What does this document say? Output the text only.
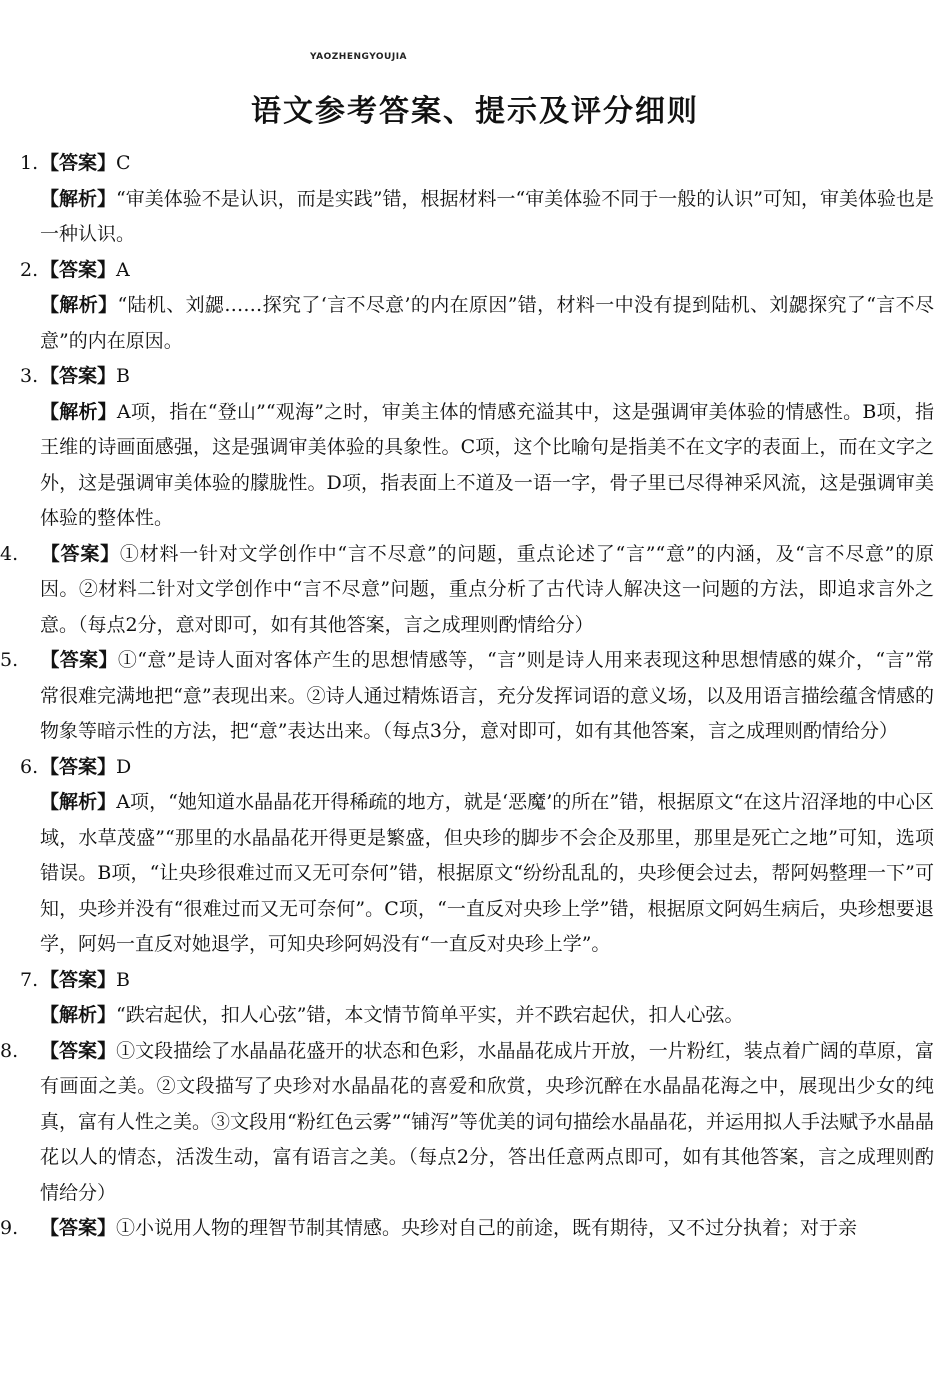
YAOZHENGYOUJIA
语文参考答案、提示及评分细则

1.【答案】C

【解析】“审美体验不是认识，而是实践”错，根据材料一“审美体验不同于一般的认识”可知，审美体验也是一种认识。

2.【答案】A

【解析】“陆机、刘勰……探究了‘言不尽意’的内在原因”错，材料一中没有提到陆机、刘勰探究了“言不尽意”的内在原因。

3.【答案】B

【解析】A项，指在“登山”“观海”之时，审美主体的情感充溢其中，这是强调审美体验的情感性。B项，指王维的诗画面感强，这是强调审美体验的具象性。C项，这个比喻句是指美不在文字的表面上，而在文字之外，这是强调审美体验的朦胧性。D项，指表面上不道及一语一字，骨子里已尽得神采风流，这是强调审美体验的整体性。

4. 【答案】①材料一针对文学创作中“言不尽意”的问题，重点论述了“言”“意”的内涵，及“言不尽意”的原因。②材料二针对文学创作中“言不尽意”问题，重点分析了古代诗人解决这一问题的方法，即追求言外之意。（每点2分，意对即可，如有其他答案，言之成理则酌情给分）

5. 【答案】①“意”是诗人面对客体产生的思想情感等，“言”则是诗人用来表现这种思想情感的媒介，“言”常常很难完满地把“意”表现出来。②诗人通过精炼语言，充分发挥词语的意义场，以及用语言描绘蕴含情感的物象等暗示性的方法，把“意”表达出来。（每点3分，意对即可，如有其他答案，言之成理则酌情给分）

6.【答案】D

【解析】A项，“她知道水晶晶花开得稀疏的地方，就是‘恶魔’的所在”错，根据原文“在这片沼泽地的中心区域，水草茂盛”“那里的水晶晶花开得更是繁盛，但央珍的脚步不会企及那里，那里是死亡之地”可知，选项错误。B项，“让央珍很难过而又无可奈何”错，根据原文“纷纷乱乱的，央珍便会过去，帮阿妈整理一下”可知，央珍并没有“很难过而又无可奈何”。C项，“一直反对央珍上学”错，根据原文阿妈生病后，央珍想要退学，阿妈一直反对她退学，可知央珍阿妈没有“一直反对央珍上学”。

7.【答案】B

【解析】“跌宕起伏，扣人心弦”错，本文情节简单平实，并不跌宕起伏，扣人心弦。

8. 【答案】①文段描绘了水晶晶花盛开的状态和色彩，水晶晶花成片开放，一片粉红，装点着广阔的草原，富有画面之美。②文段描写了央珍对水晶晶花的喜爱和欣赏，央珍沉醉在水晶晶花海之中，展现出少女的纯真，富有人性之美。③文段用“粉红色云雾”“铺泻”等优美的词句描绘水晶晶花，并运用拟人手法赋予水晶晶花以人的情态，活泼生动，富有语言之美。（每点2分，答出任意两点即可，如有其他答案，言之成理则酌情给分）

9. 【答案】①小说用人物的理智节制其情感。央珍对自己的前途，既有期待，又不过分执着；对于亲
